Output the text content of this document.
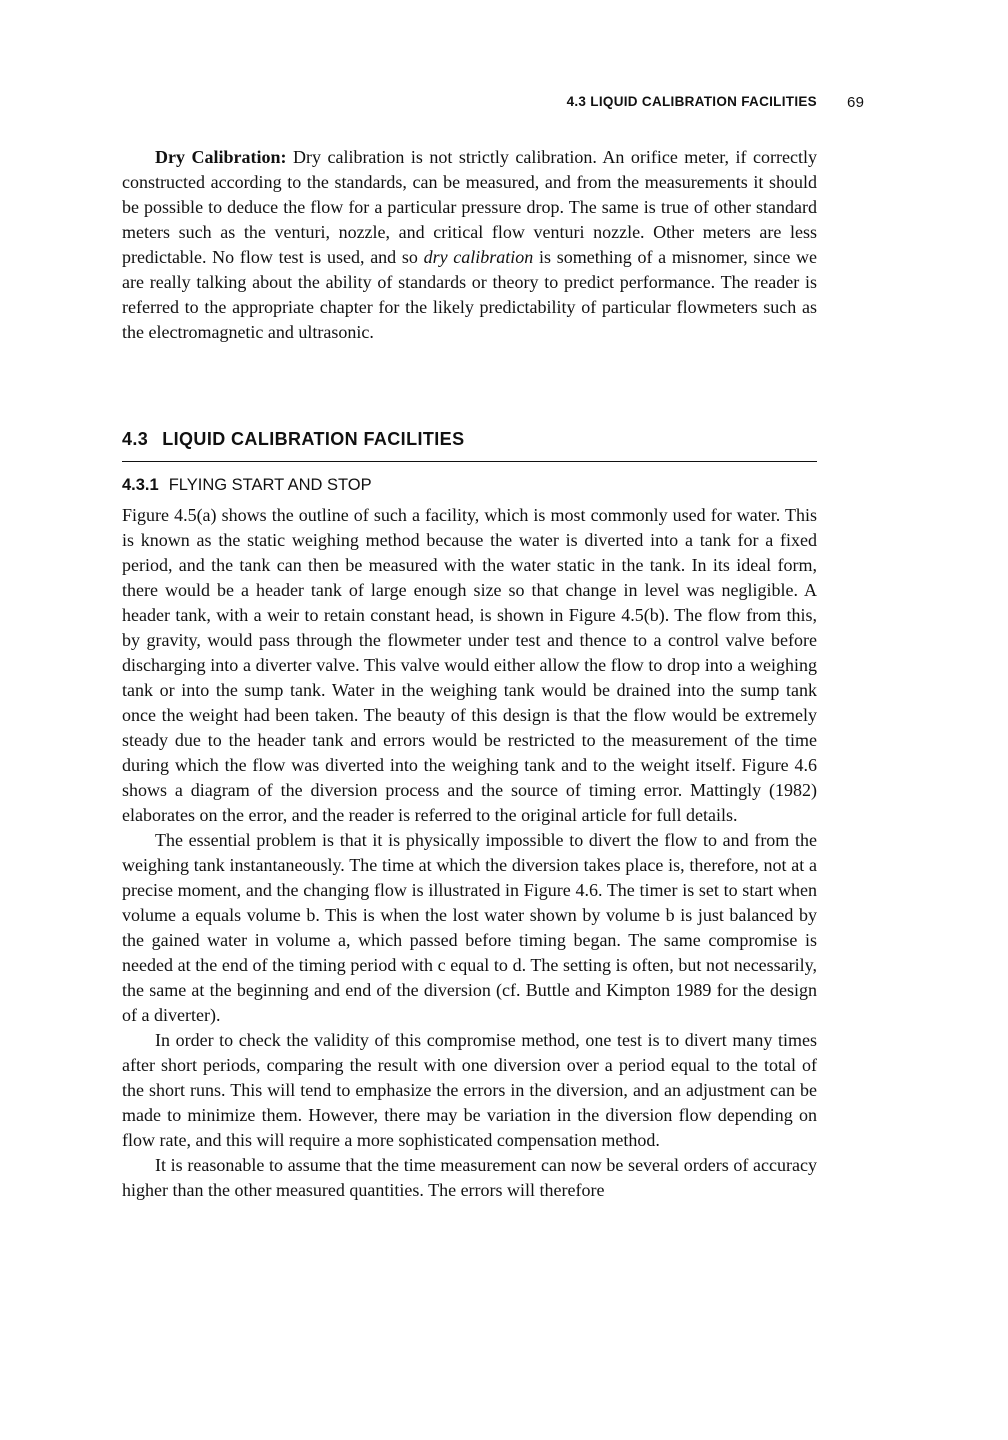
4.3 LIQUID CALIBRATION FACILITIES 69

Dry Calibration: Dry calibration is not strictly calibration. An orifice meter, if correctly constructed according to the standards, can be measured, and from the measurements it should be possible to deduce the flow for a particular pressure drop. The same is true of other standard meters such as the venturi, nozzle, and critical flow venturi nozzle. Other meters are less predictable. No flow test is used, and so dry calibration is something of a misnomer, since we are really talking about the ability of standards or theory to predict performance. The reader is referred to the appropriate chapter for the likely predictability of particular flowmeters such as the electromagnetic and ultrasonic.

4.3 LIQUID CALIBRATION FACILITIES
4.3.1 FLYING START AND STOP

Figure 4.5(a) shows the outline of such a facility, which is most commonly used for water. This is known as the static weighing method because the water is diverted into a tank for a fixed period, and the tank can then be measured with the water static in the tank. In its ideal form, there would be a header tank of large enough size so that change in level was negligible. A header tank, with a weir to retain constant head, is shown in Figure 4.5(b). The flow from this, by gravity, would pass through the flowmeter under test and thence to a control valve before discharging into a diverter valve. This valve would either allow the flow to drop into a weighing tank or into the sump tank. Water in the weighing tank would be drained into the sump tank once the weight had been taken. The beauty of this design is that the flow would be extremely steady due to the header tank and errors would be restricted to the measurement of the time during which the flow was diverted into the weighing tank and to the weight itself. Figure 4.6 shows a diagram of the diversion process and the source of timing error. Mattingly (1982) elaborates on the error, and the reader is referred to the original article for full details.

The essential problem is that it is physically impossible to divert the flow to and from the weighing tank instantaneously. The time at which the diversion takes place is, therefore, not at a precise moment, and the changing flow is illustrated in Figure 4.6. The timer is set to start when volume a equals volume b. This is when the lost water shown by volume b is just balanced by the gained water in volume a, which passed before timing began. The same compromise is needed at the end of the timing period with c equal to d. The setting is often, but not necessarily, the same at the beginning and end of the diversion (cf. Buttle and Kimpton 1989 for the design of a diverter).

In order to check the validity of this compromise method, one test is to divert many times after short periods, comparing the result with one diversion over a period equal to the total of the short runs. This will tend to emphasize the errors in the diversion, and an adjustment can be made to minimize them. However, there may be variation in the diversion flow depending on flow rate, and this will require a more sophisticated compensation method.

It is reasonable to assume that the time measurement can now be several orders of accuracy higher than the other measured quantities. The errors will therefore
